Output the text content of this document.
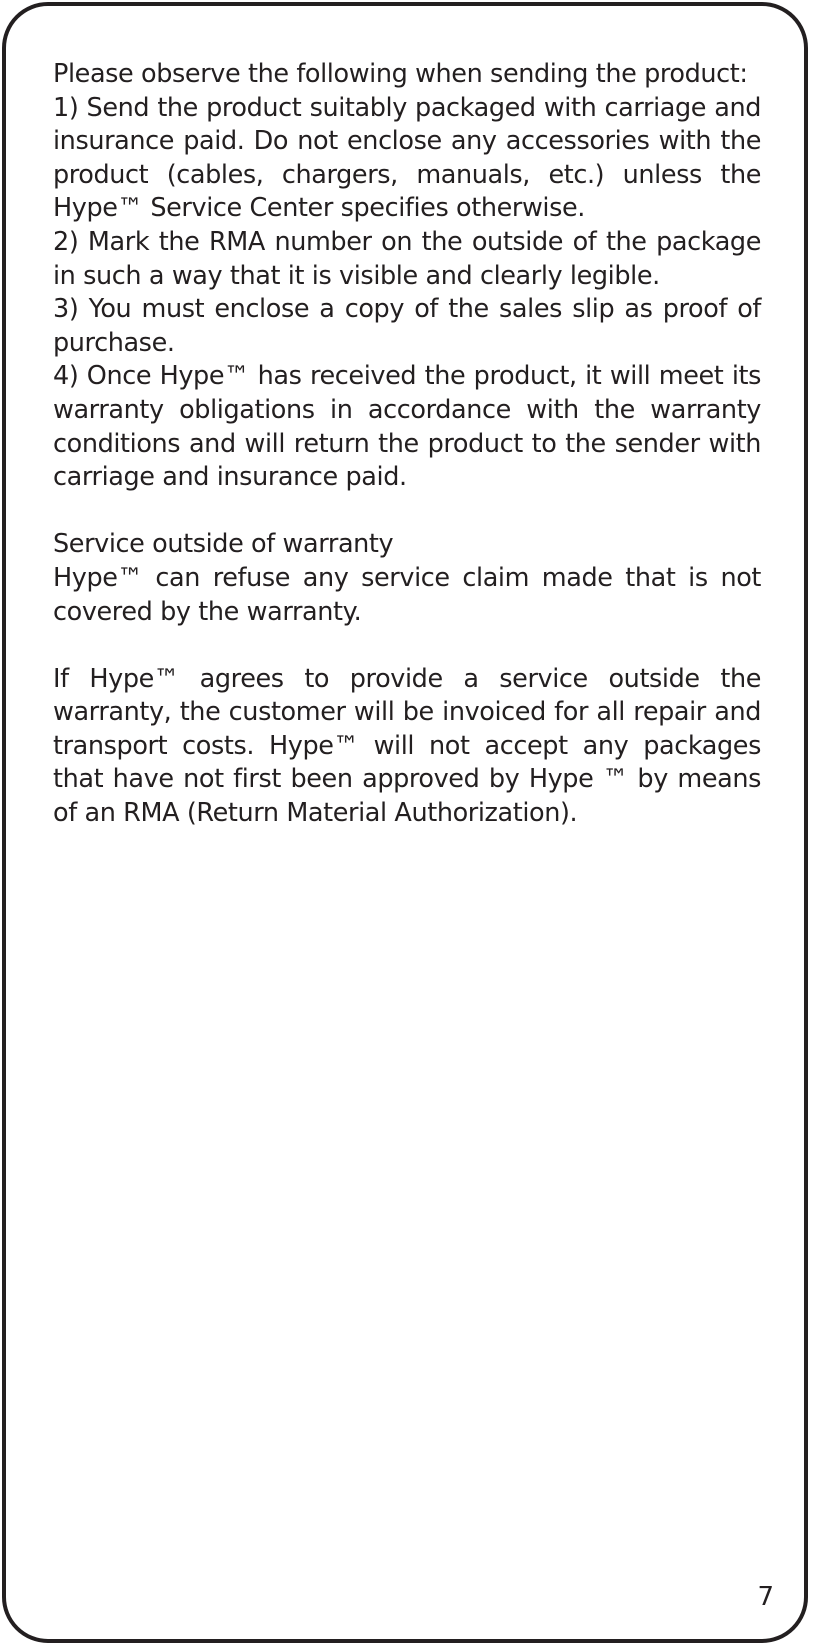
Please observe the following when sending the product:

1) Send the product suitably packaged with carriage and insurance paid. Do not enclose any accessories with the product (cables, chargers, manuals, etc.) unless the Hype™ Service Center specifies otherwise.

2) Mark the RMA number on the outside of the package in such a way that it is visible and clearly legible.

3) You must enclose a copy of the sales slip as proof of purchase.

4) Once Hype™ has received the product, it will meet its warranty obligations in accordance with the warranty conditions and will return the product to the sender with carriage and insurance paid.

Service outside of warranty

Hype™ can refuse any service claim made that is not covered by the warranty.

If Hype™ agrees to provide a service outside the warranty, the customer will be invoiced for all repair and transport costs. Hype™ will not accept any packages that have not first been approved by Hype ™ by means of an RMA (Return Material Authorization).

7
